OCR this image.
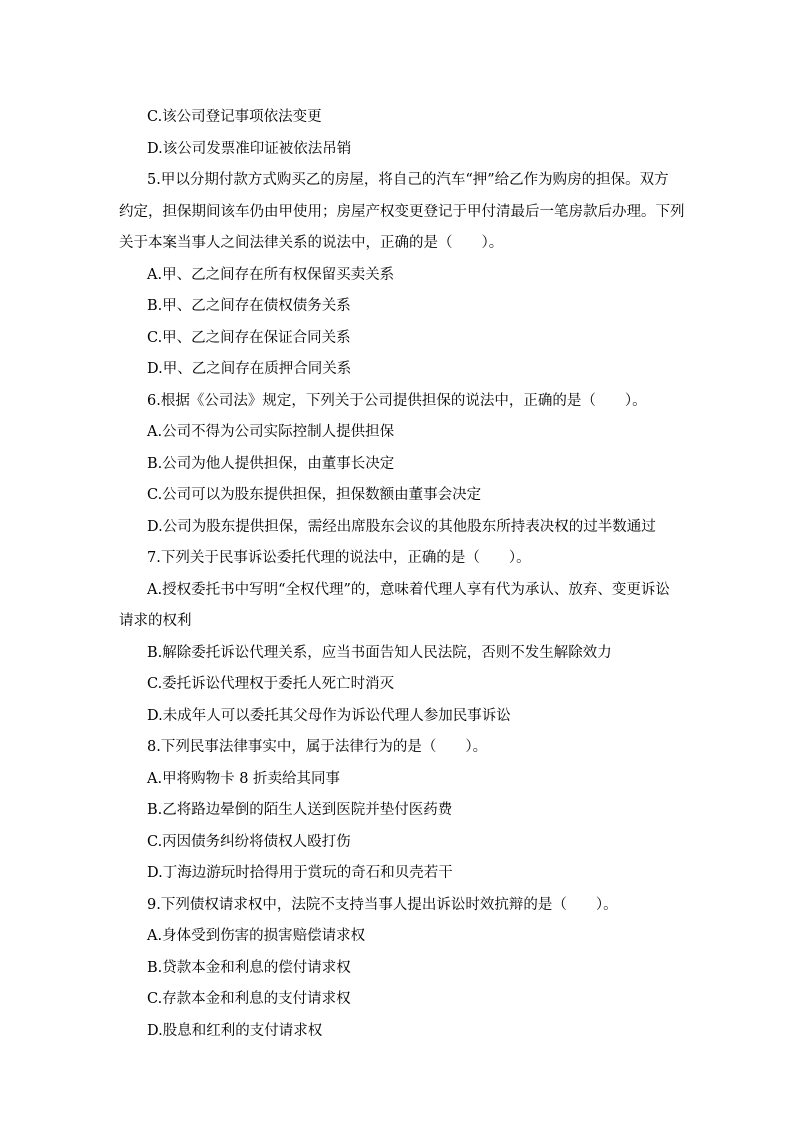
C.该公司登记事项依法变更
D.该公司发票准印证被依法吊销
5.甲以分期付款方式购买乙的房屋，将自己的汽车“押”给乙作为购房的担保。双方
约定，担保期间该车仍由甲使用；房屋产权变更登记于甲付清最后一笔房款后办理。下列
关于本案当事人之间法律关系的说法中，正确的是（　　）。
A.甲、乙之间存在所有权保留买卖关系
B.甲、乙之间存在债权债务关系
C.甲、乙之间存在保证合同关系
D.甲、乙之间存在质押合同关系
6.根据《公司法》规定，下列关于公司提供担保的说法中，正确的是（　　）。
A.公司不得为公司实际控制人提供担保
B.公司为他人提供担保，由董事长决定
C.公司可以为股东提供担保，担保数额由董事会决定
D.公司为股东提供担保，需经出席股东会议的其他股东所持表决权的过半数通过
7.下列关于民事诉讼委托代理的说法中，正确的是（　　）。
A.授权委托书中写明“全权代理”的，意味着代理人享有代为承认、放弃、变更诉讼
请求的权利
B.解除委托诉讼代理关系，应当书面告知人民法院，否则不发生解除效力
C.委托诉讼代理权于委托人死亡时消灭
D.未成年人可以委托其父母作为诉讼代理人参加民事诉讼
8.下列民事法律事实中，属于法律行为的是（　　）。
A.甲将购物卡 8 折卖给其同事
B.乙将路边晕倒的陌生人送到医院并垫付医药费
C.丙因债务纠纷将债权人殴打伤
D.丁海边游玩时拾得用于赏玩的奇石和贝壳若干
9.下列债权请求权中，法院不支持当事人提出诉讼时效抗辩的是（　　）。
A.身体受到伤害的损害赔偿请求权
B.贷款本金和利息的偿付请求权
C.存款本金和利息的支付请求权
D.股息和红利的支付请求权
